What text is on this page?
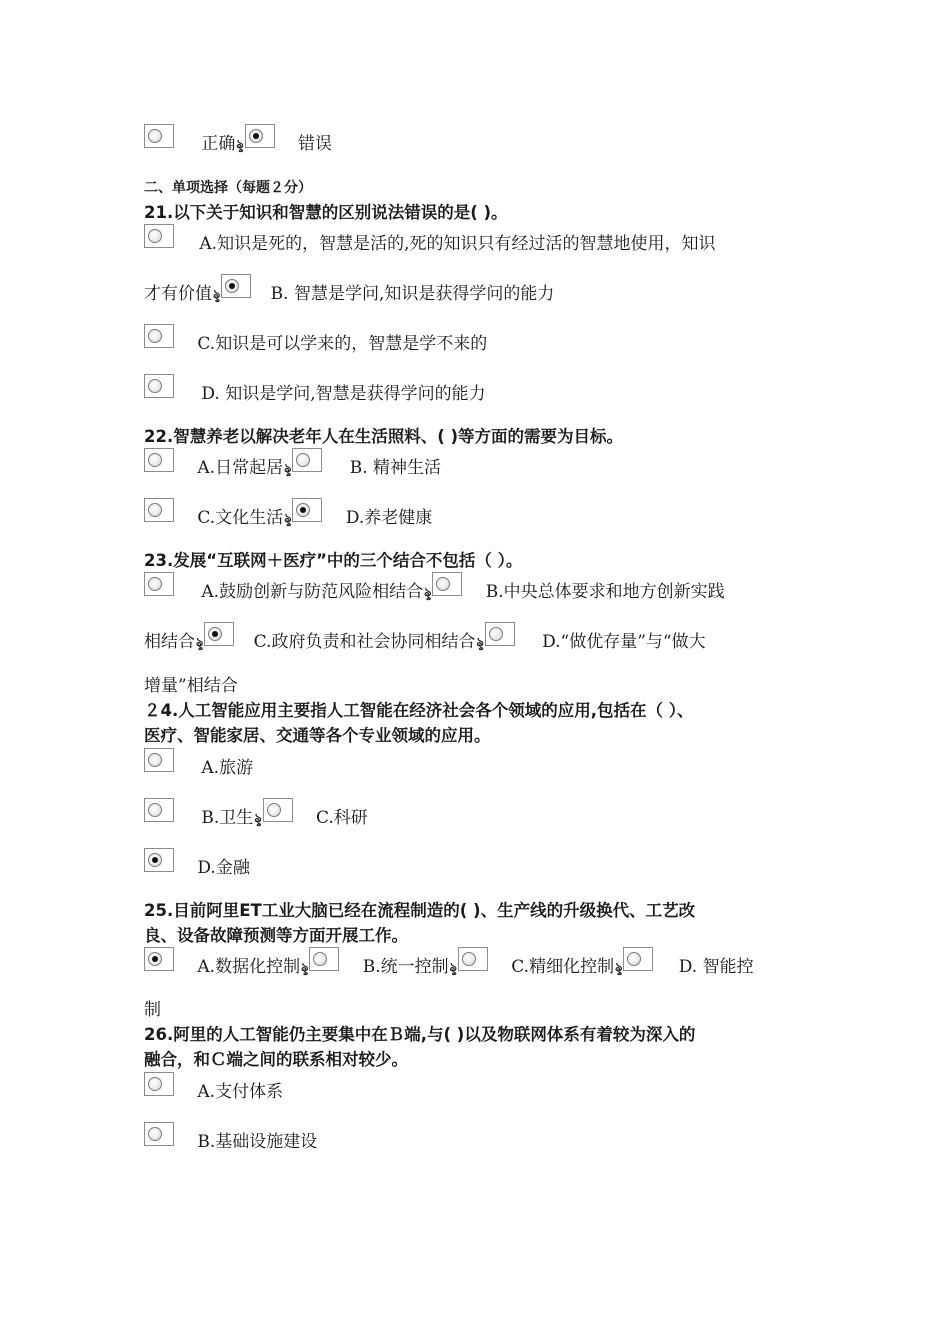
正确ৡ	错误
二、单项选择（每题２分）
21.以下关于知识和智慧的区别说法错误的是( )。
A.知识是死的，智慧是活的,死的知识只有经过活的智慧地使用，知识
才有价值ৡ	B. 智慧是学问,知识是获得学问的能力
C.知识是可以学来的，智慧是学不来的
D. 知识是学问,智慧是获得学问的能力
22.智慧养老以解决老年人在生活照料、( )等方面的需要为目标。
A.日常起居ৡ	B. 精神生活
C.文化生活ৡ	D.养老健康
23.发展“互联网＋医疗”中的三个结合不包括（ ）。
A.鼓励创新与防范风险相结合ৡ	B.中央总体要求和地方创新实践
相结合ৡ	C.政府负责和社会协同相结合ৡ	D.“做优存量”与“做大
增量”相结合
２4.人工智能应用主要指人工智能在经济社会各个领域的应用,包括在（ ）、
医疗、智能家居、交通等各个专业领域的应用。
A.旅游
B.卫生ৡ	C.科研
D.金融
25.目前阿里ET工业大脑已经在流程制造的( )、生产线的升级换代、工艺改
良、设备故障预测等方面开展工作。
A.数据化控制ৡ	B.统一控制ৡ	C.精细化控制ৡ	D. 智能控
制
26.阿里的人工智能仍主要集中在Ｂ端,与( )以及物联网体系有着较为深入的
融合，和Ｃ端之间的联系相对较少。
A.支付体系
B.基础设施建设
